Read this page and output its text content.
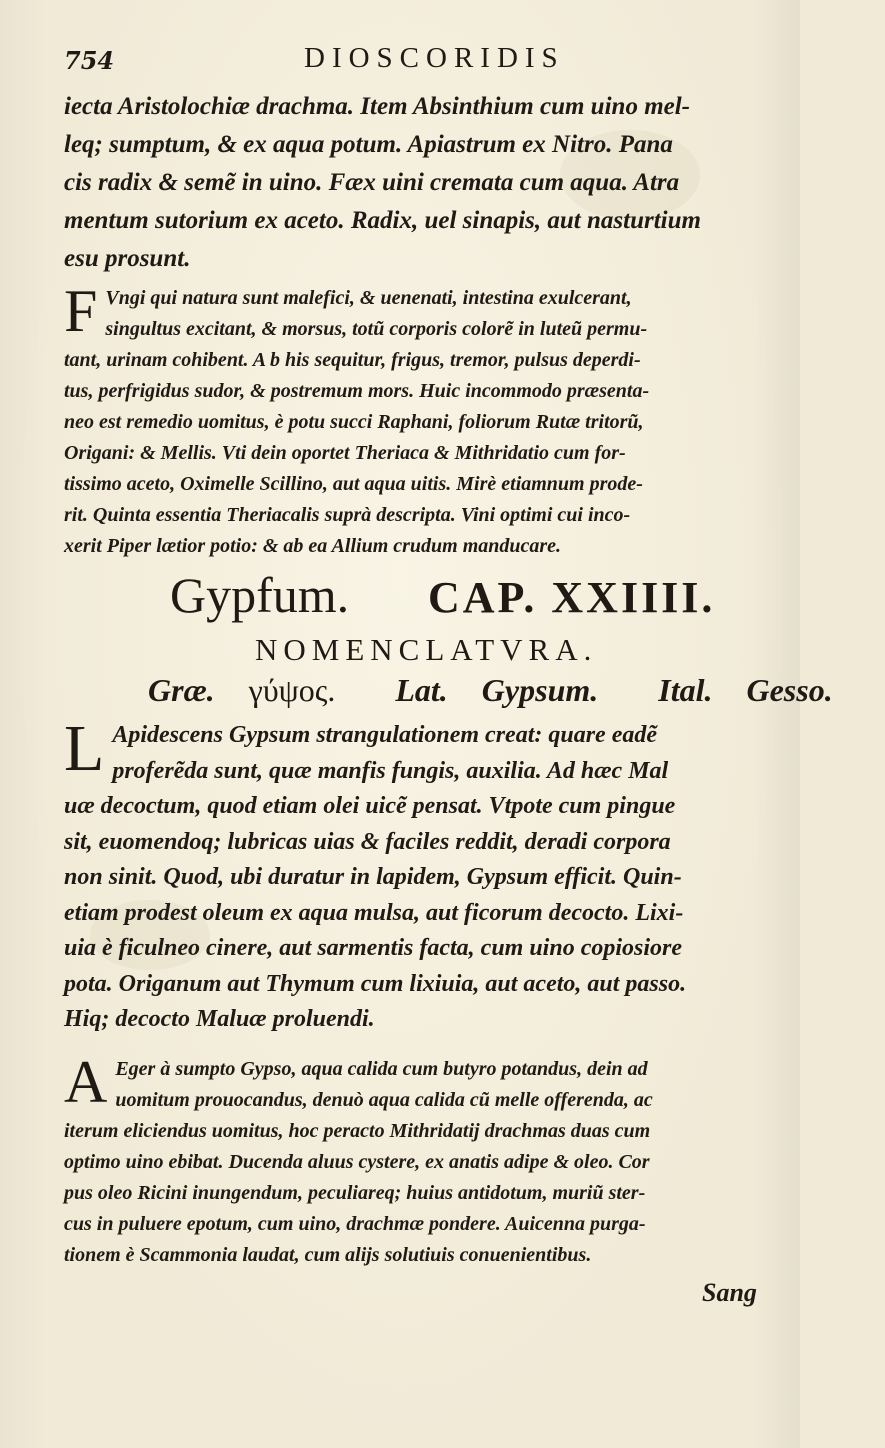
754	DIOSCORIDIS

iecta Aristolochiæ drachma. Item Absinthium cum uino mel-

leq; sumptum, & ex aqua potum. Apiastrum ex Nitro. Pana

cis radix & semẽ in uino. Fæx uini cremata cum aqua. Atra

mentum sutorium ex aceto. Radix, uel sinapis, aut nasturtium

esu prosunt.

F Vngi qui natura sunt malefici, & uenenati, intestina exulcerant,

singultus excitant, & morsus, totũ corporis colorẽ in luteũ permu-

tant, urinam cohibent. A b his sequitur, frigus, tremor, pulsus deperdi-

tus, perfrigidus sudor, & postremum mors. Huic incommodo præsenta-

neo est remedio uomitus, è potu succi Raphani, foliorum Rutæ tritorũ,

Origani: & Mellis. Vti dein oportet Theriaca & Mithridatio cum for-

tissimo aceto, Oximelle Scillino, aut aqua uitis. Mirè etiamnum prode-

rit. Quinta essentia Theriacalis suprà descripta. Vini optimi cui inco-

xerit Piper lætior potio: & ab ea Allium crudum manducare.

Gypfum. CAP. XXIIII.
NOMENCLATVRA.
Græ. γύψος. Lat. Gypsum. Ital. Gesso.
L Apidescens Gypsum strangulationem creat: quare eadẽ

proferẽda sunt, quæ manfis fungis, auxilia. Ad hæc Mal

uæ decoctum, quod etiam olei uicẽ pensat. Vtpote cum pingue

sit, euomendoq; lubricas uias & faciles reddit, deradi corpora

non sinit. Quod, ubi duratur in lapidem, Gypsum efficit. Quin-

etiam prodest oleum ex aqua mulsa, aut ficorum decocto. Lixi-

uia è ficulneo cinere, aut sarmentis facta, cum uino copiosiore

pota. Origanum aut Thymum cum lixiuia, aut aceto, aut passo.

Hiq; decocto Maluæ proluendi.

A Eger à sumpto Gypso, aqua calida cum butyro potandus, dein ad

uomitum prouocandus, denuò aqua calida cũ melle offerenda, ac

iterum eliciendus uomitus, hoc peracto Mithridatij drachmas duas cum

optimo uino ebibat. Ducenda aluus cystere, ex anatis adipe & oleo. Cor

pus oleo Ricini inungendum, peculiareq; huius antidotum, muriũ ster-

cus in puluere epotum, cum uino, drachmæ pondere. Auicenna purga-

tionem è Scammonia laudat, cum alijs solutiuis conuenientibus.

Sang
